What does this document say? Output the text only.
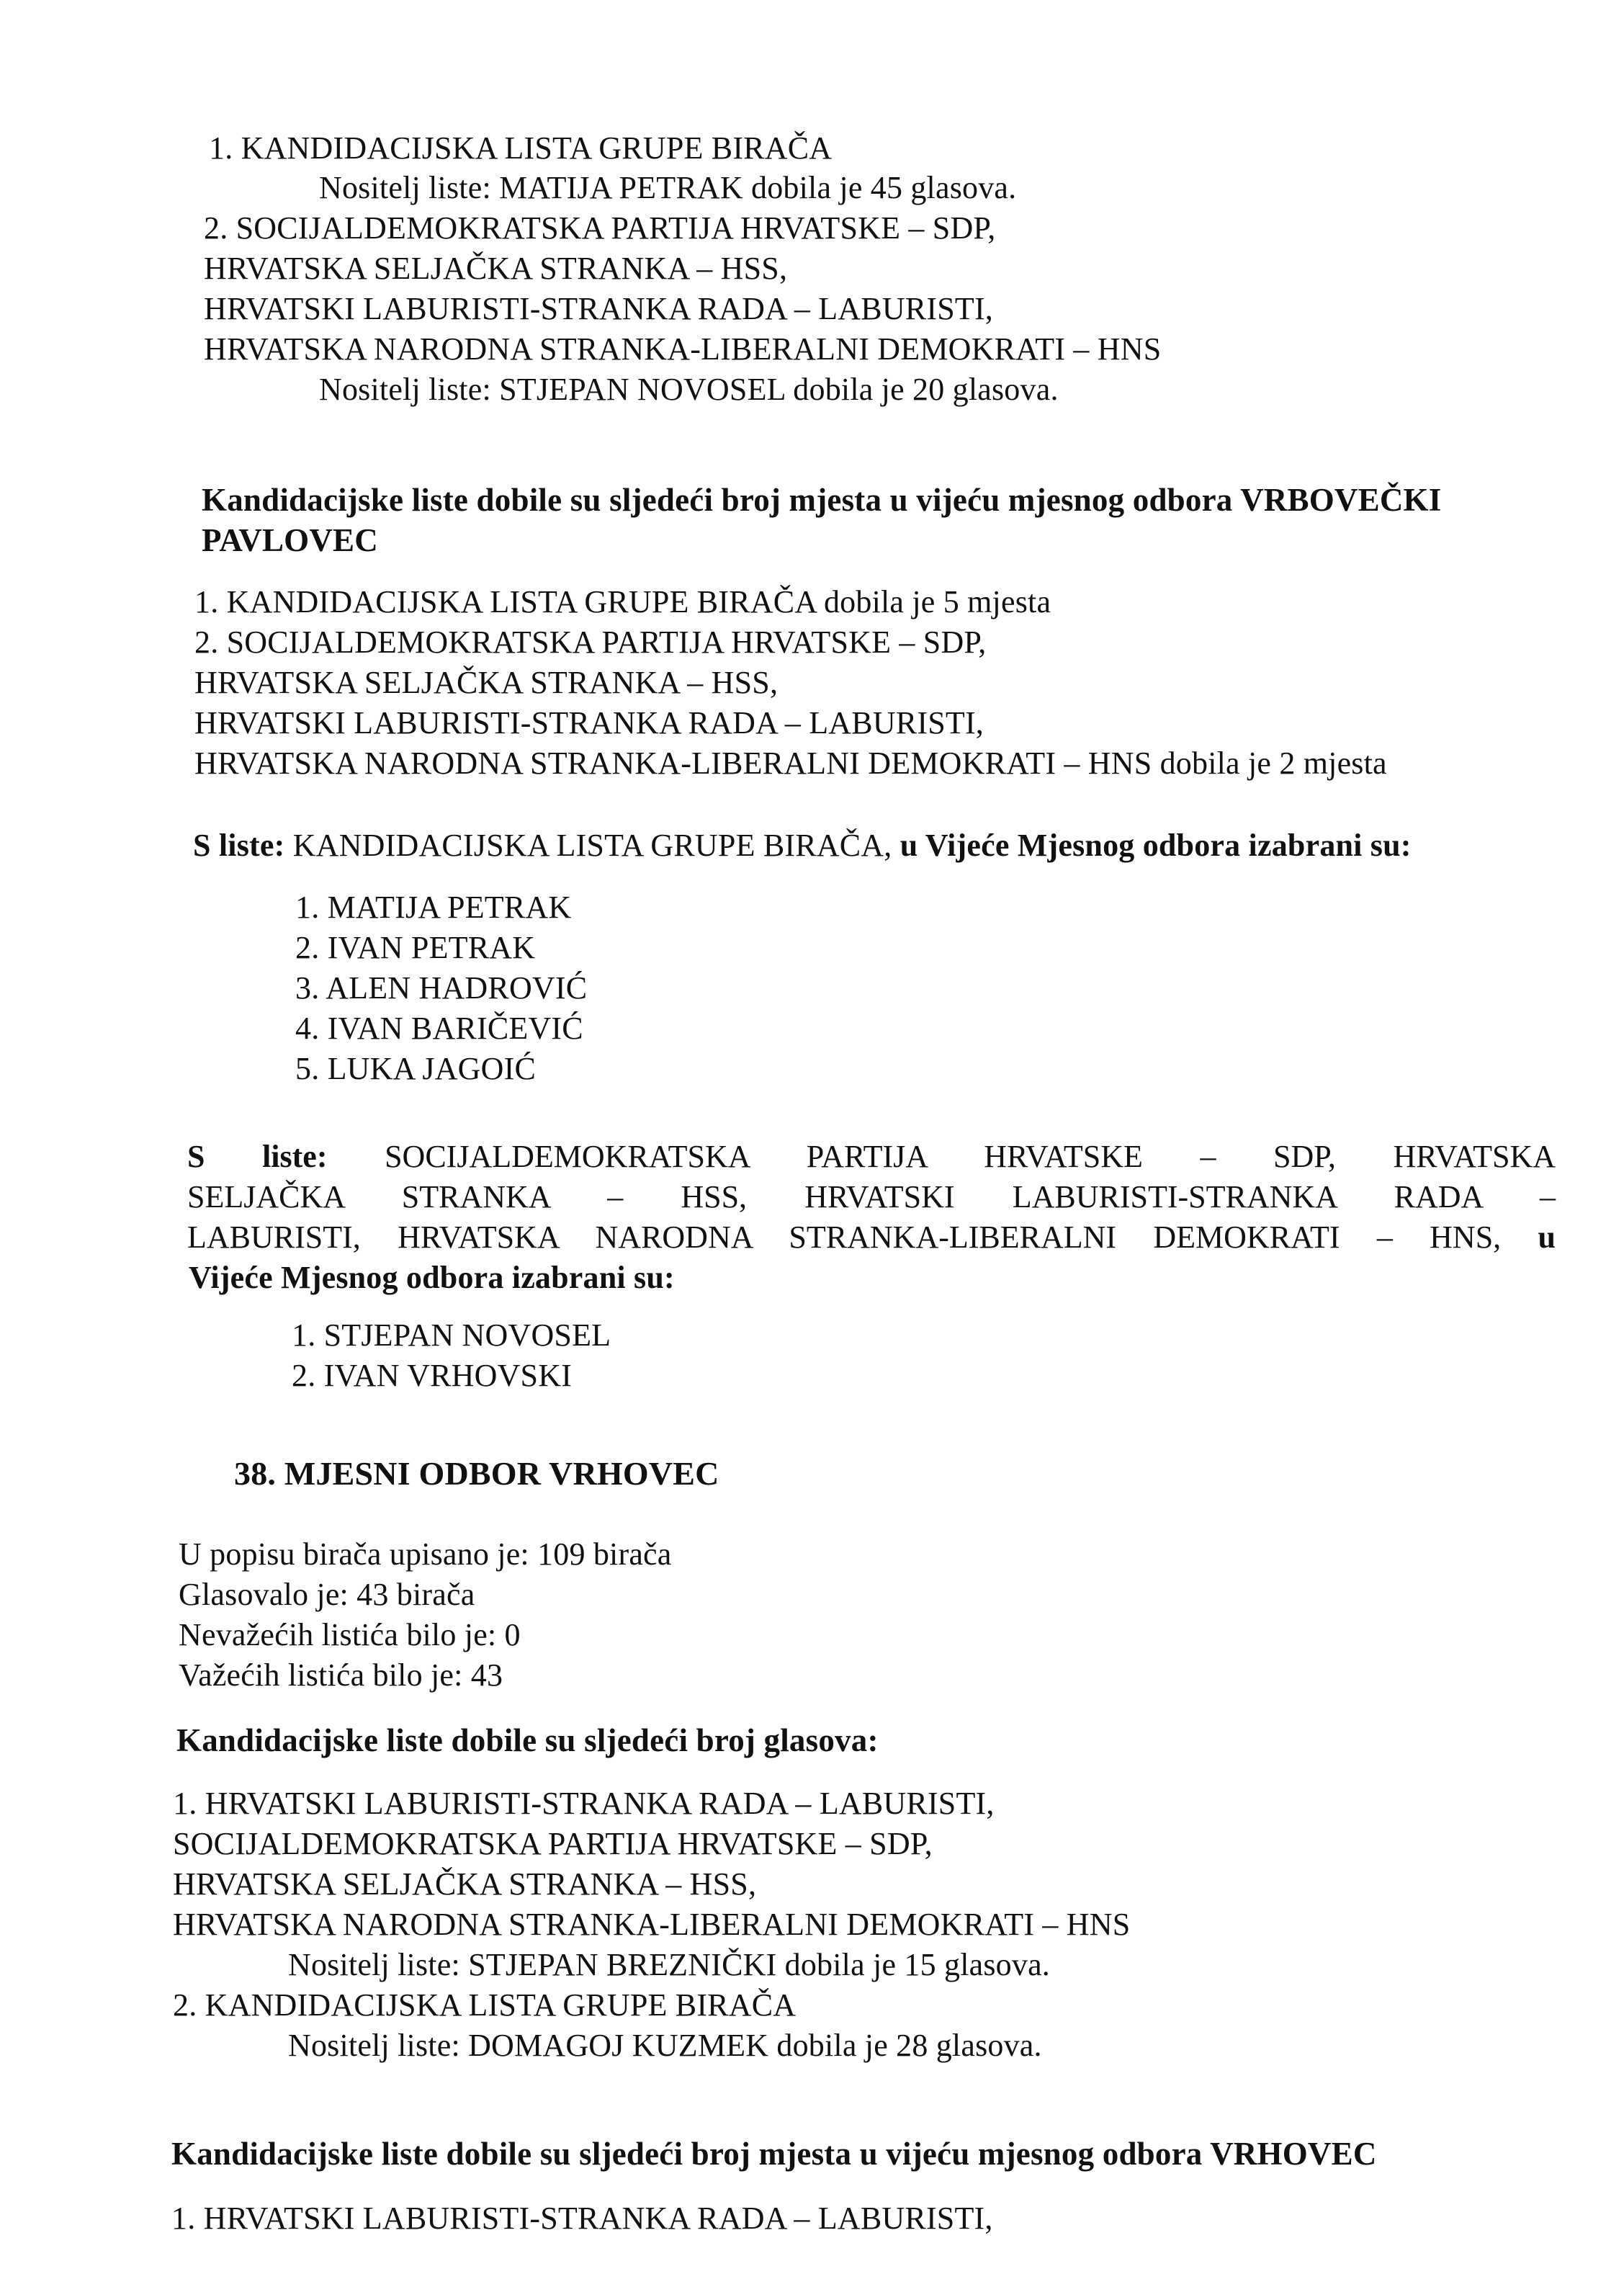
1. KANDIDACIJSKA LISTA GRUPE BIRAČA
Nositelj liste: MATIJA PETRAK dobila je 45 glasova.
2. SOCIJALDEMOKRATSKA PARTIJA HRVATSKE – SDP,
HRVATSKA SELJAČKA STRANKA – HSS,
HRVATSKI LABURISTI-STRANKA RADA – LABURISTI,
HRVATSKA NARODNA STRANKA-LIBERALNI DEMOKRATI – HNS
Nositelj liste: STJEPAN NOVOSEL dobila je 20 glasova.
Kandidacijske liste dobile su sljedeći broj mjesta u vijeću mjesnog odbora VRBOVEČKI
PAVLOVEC
1. KANDIDACIJSKA LISTA GRUPE BIRAČA dobila je 5 mjesta
2. SOCIJALDEMOKRATSKA PARTIJA HRVATSKE – SDP,
HRVATSKA SELJAČKA STRANKA – HSS,
HRVATSKI LABURISTI-STRANKA RADA – LABURISTI,
HRVATSKA NARODNA STRANKA-LIBERALNI DEMOKRATI – HNS dobila je 2 mjesta
S liste: KANDIDACIJSKA LISTA GRUPE BIRAČA, u Vijeće Mjesnog odbora izabrani su:
1. MATIJA PETRAK
2. IVAN PETRAK
3. ALEN HADROVIĆ
4. IVAN BARIČEVIĆ
5. LUKA JAGOIĆ
S liste: SOCIJALDEMOKRATSKA PARTIJA HRVATSKE – SDP, HRVATSKA
SELJAČKA STRANKA – HSS, HRVATSKI LABURISTI-STRANKA RADA –
LABURISTI, HRVATSKA NARODNA STRANKA-LIBERALNI DEMOKRATI – HNS, u
Vijeće Mjesnog odbora izabrani su:
1. STJEPAN NOVOSEL
2. IVAN VRHOVSKI
38. MJESNI ODBOR VRHOVEC
U popisu birača upisano je: 109 birača
Glasovalo je: 43 birača
Nevažećih listića bilo je: 0
Važećih listića bilo je: 43
Kandidacijske liste dobile su sljedeći broj glasova:
1. HRVATSKI LABURISTI-STRANKA RADA – LABURISTI,
SOCIJALDEMOKRATSKA PARTIJA HRVATSKE – SDP,
HRVATSKA SELJAČKA STRANKA – HSS,
HRVATSKA NARODNA STRANKA-LIBERALNI DEMOKRATI – HNS
Nositelj liste: STJEPAN BREZNIČKI dobila je 15 glasova.
2. KANDIDACIJSKA LISTA GRUPE BIRAČA
Nositelj liste: DOMAGOJ KUZMEK dobila je 28 glasova.
Kandidacijske liste dobile su sljedeći broj mjesta u vijeću mjesnog odbora VRHOVEC
1. HRVATSKI LABURISTI-STRANKA RADA – LABURISTI,
